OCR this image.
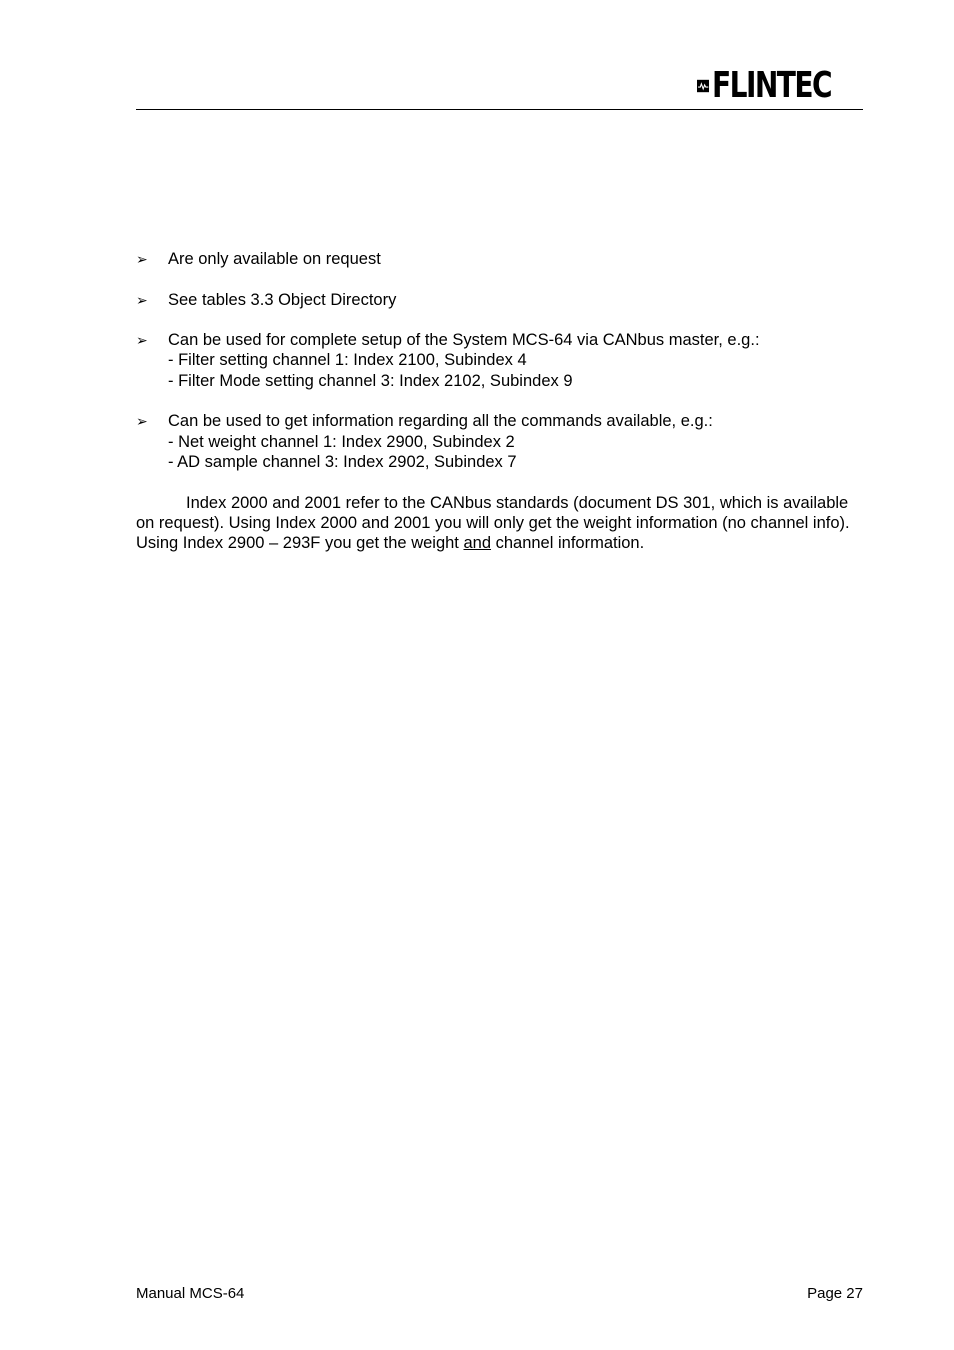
FLINTEC
➢ Are only available on request
➢ See tables 3.3 Object Directory
➢ Can be used for complete setup of the System MCS-64 via CANbus master, e.g.:
- Filter setting channel 1: Index 2100, Subindex 4
- Filter Mode setting channel 3: Index 2102, Subindex 9
➢ Can be used to get information regarding all the commands available, e.g.:
- Net weight channel 1: Index 2900, Subindex 2
- AD sample channel 3: Index 2902, Subindex 7

Index 2000 and 2001 refer to the CANbus standards (document DS 301, which is available on request). Using Index 2000 and 2001 you will only get the weight information (no channel info). Using Index 2900 – 293F you get the weight and channel information.

Manual MCS-64	Page 27
